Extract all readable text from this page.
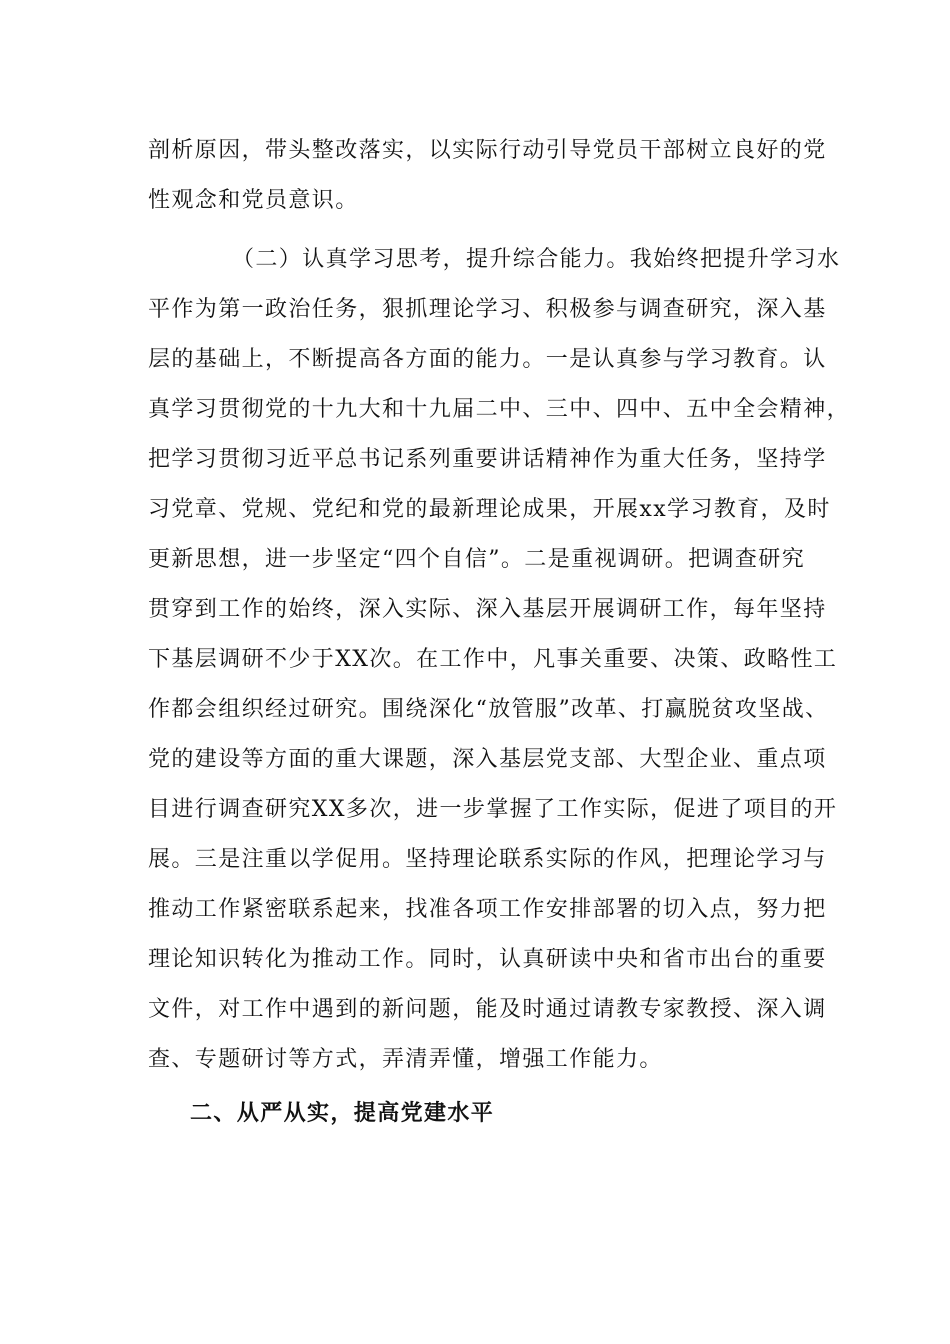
剖析原因，带头整改落实，以实际行动引导党员干部树立良好的党
性观念和党员意识。
（二）认真学习思考，提升综合能力。我始终把提升学习水
平作为第一政治任务，狠抓理论学习、积极参与调查研究，深入基
层的基础上，不断提高各方面的能力。一是认真参与学习教育。认
真学习贯彻党的十九大和十九届二中、三中、四中、五中全会精神，
把学习贯彻习近平总书记系列重要讲话精神作为重大任务，坚持学
习党章、党规、党纪和党的最新理论成果，开展xx学习教育，及时
更新思想，进一步坚定“四个自信”。二是重视调研。把调查研究
贯穿到工作的始终，深入实际、深入基层开展调研工作，每年坚持
下基层调研不少于XX次。在工作中，凡事关重要、决策、政略性工
作都会组织经过研究。围绕深化“放管服”改革、打赢脱贫攻坚战、
党的建设等方面的重大课题，深入基层党支部、大型企业、重点项
目进行调查研究XX多次，进一步掌握了工作实际，促进了项目的开
展。三是注重以学促用。坚持理论联系实际的作风，把理论学习与
推动工作紧密联系起来，找准各项工作安排部署的切入点，努力把
理论知识转化为推动工作。同时，认真研读中央和省市出台的重要
文件，对工作中遇到的新问题，能及时通过请教专家教授、深入调
查、专题研讨等方式，弄清弄懂，增强工作能力。
二、从严从实，提高党建水平
